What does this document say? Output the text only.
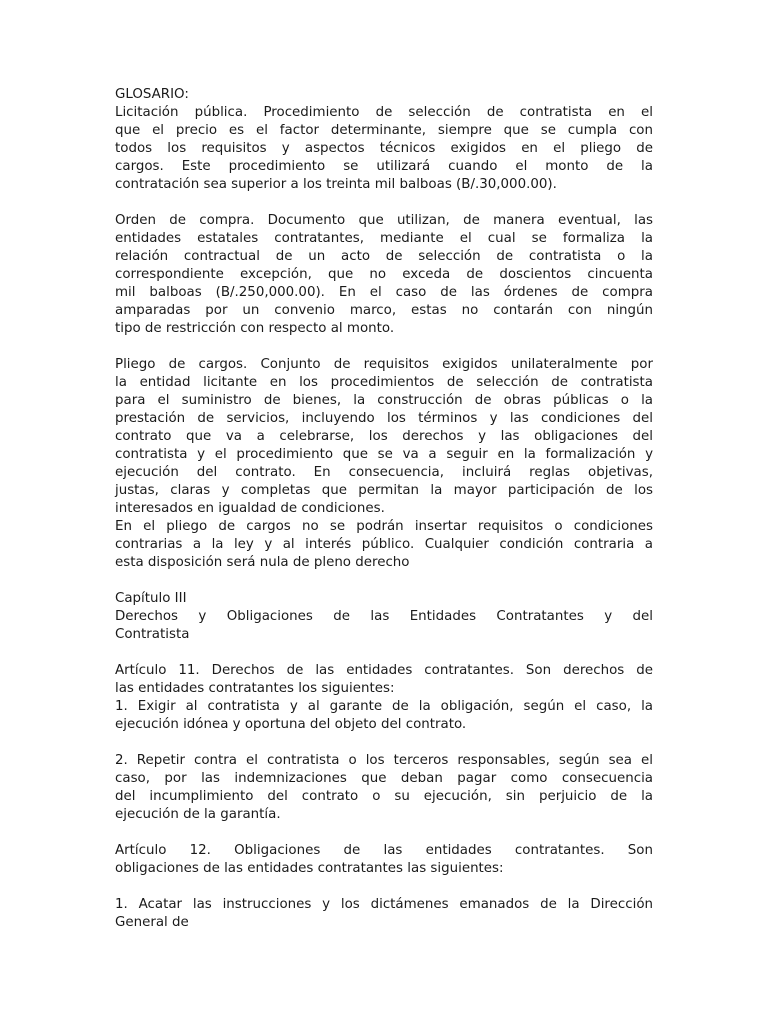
GLOSARIO:
Licitación pública. Procedimiento de selección de contratista en el
que el precio es el factor determinante, siempre que se cumpla con
todos los requisitos y aspectos técnicos exigidos en el pliego de
cargos. Este procedimiento se utilizará cuando el monto de la
contratación sea superior a los treinta mil balboas (B/.30,000.00).
Orden de compra. Documento que utilizan, de manera eventual, las
entidades estatales contratantes, mediante el cual se formaliza la
relación contractual de un acto de selección de contratista o la
correspondiente excepción, que no exceda de doscientos cincuenta
mil balboas (B/.250,000.00). En el caso de las órdenes de compra
amparadas por un convenio marco, estas no contarán con ningún
tipo de restricción con respecto al monto.
Pliego de cargos. Conjunto de requisitos exigidos unilateralmente por
la entidad licitante en los procedimientos de selección de contratista
para el suministro de bienes, la construcción de obras públicas o la
prestación de servicios, incluyendo los términos y las condiciones del
contrato que va a celebrarse, los derechos y las obligaciones del
contratista y el procedimiento que se va a seguir en la formalización y
ejecución del contrato. En consecuencia, incluirá reglas objetivas,
justas, claras y completas que permitan la mayor participación de los
interesados en igualdad de condiciones.
En el pliego de cargos no se podrán insertar requisitos o condiciones
contrarias a la ley y al interés público. Cualquier condición contraria a
esta disposición será nula de pleno derecho
Capítulo III
Derechos y Obligaciones de las Entidades Contratantes y del
Contratista
Artículo 11. Derechos de las entidades contratantes. Son derechos de
las entidades contratantes los siguientes:
1. Exigir al contratista y al garante de la obligación, según el caso, la
ejecución idónea y oportuna del objeto del contrato.
2. Repetir contra el contratista o los terceros responsables, según sea el
caso, por las indemnizaciones que deban pagar como consecuencia
del incumplimiento del contrato o su ejecución, sin perjuicio de la
ejecución de la garantía.
Artículo 12. Obligaciones de las entidades contratantes. Son
obligaciones de las entidades contratantes las siguientes:
1. Acatar las instrucciones y los dictámenes emanados de la Dirección
General de
